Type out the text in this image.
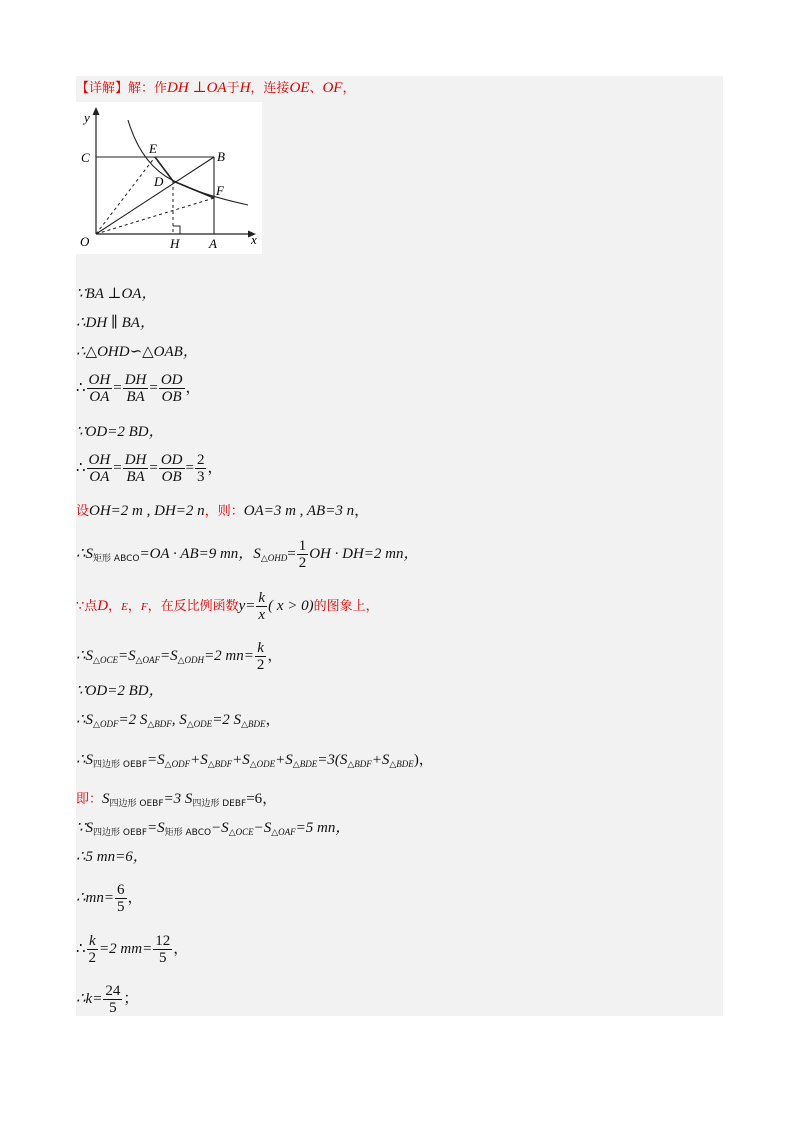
【详解】解：作DH ⊥OA于H，连接OE、OF，
y
C
E
B
D
F
O	H A	x
∵BA ⊥OA，
∴DH ∥ BA，
∴△OHD∽△OAB，
∴ $\frac{OH}{OA} = \frac{DH}{BA} = \frac{OD}{OB}$ ，
∵OD=2 BD，
∴ $\frac{OH}{OA} = \frac{DH}{BA} = \frac{OD}{OB} = \frac{2}{3}$ ，
设OH=2 m , DH=2 n，则：OA=3 m , AB=3 n，
$\therefore S_{矩形 ABCO}=OA \cdot AB=9$ mn，$S_{\triangle OHD}= \frac{1}{2}$ OH · DH=2 mn，
∵点D，E，F，在反比例函数$y= \frac{k}{x}$ ( x > 0)的图象上，
$\therefore S_{\triangle OCE}=S_{\triangle OAF}=S_{\triangle ODH}=2$ $mn= \frac{k}{2}$ ，
∵OD=2 BD，
$\therefore S_{\triangle ODF}=2$ $S_{\triangle BDF}$, $S_{\triangle ODE}=2$ $S_{\triangle BDE}$，
$\therefore S_{四边形 OEBF}=S_{\triangle ODF}+S_{\triangle BDF}+S_{\triangle ODE}+S_{\triangle BDE}=3(S_{\triangle BDF}+S_{\triangle BDE})$，
即：$S_{四边形 OEBF}=3$ $S_{四边形 DEBF}=6$，
$\because S_{四边形 OEBF}=S_{矩形 ABCO}-S_{\triangle OCE}-S_{\triangle OAF}=5$ mn，
∴5 mn=6，
∴mn= $\frac{6}{5}$ ，
∴ $\frac{k}{2} =2$ $mm= \frac{12}{5}$ ，
∴k= $\frac{24}{5}$ ；
